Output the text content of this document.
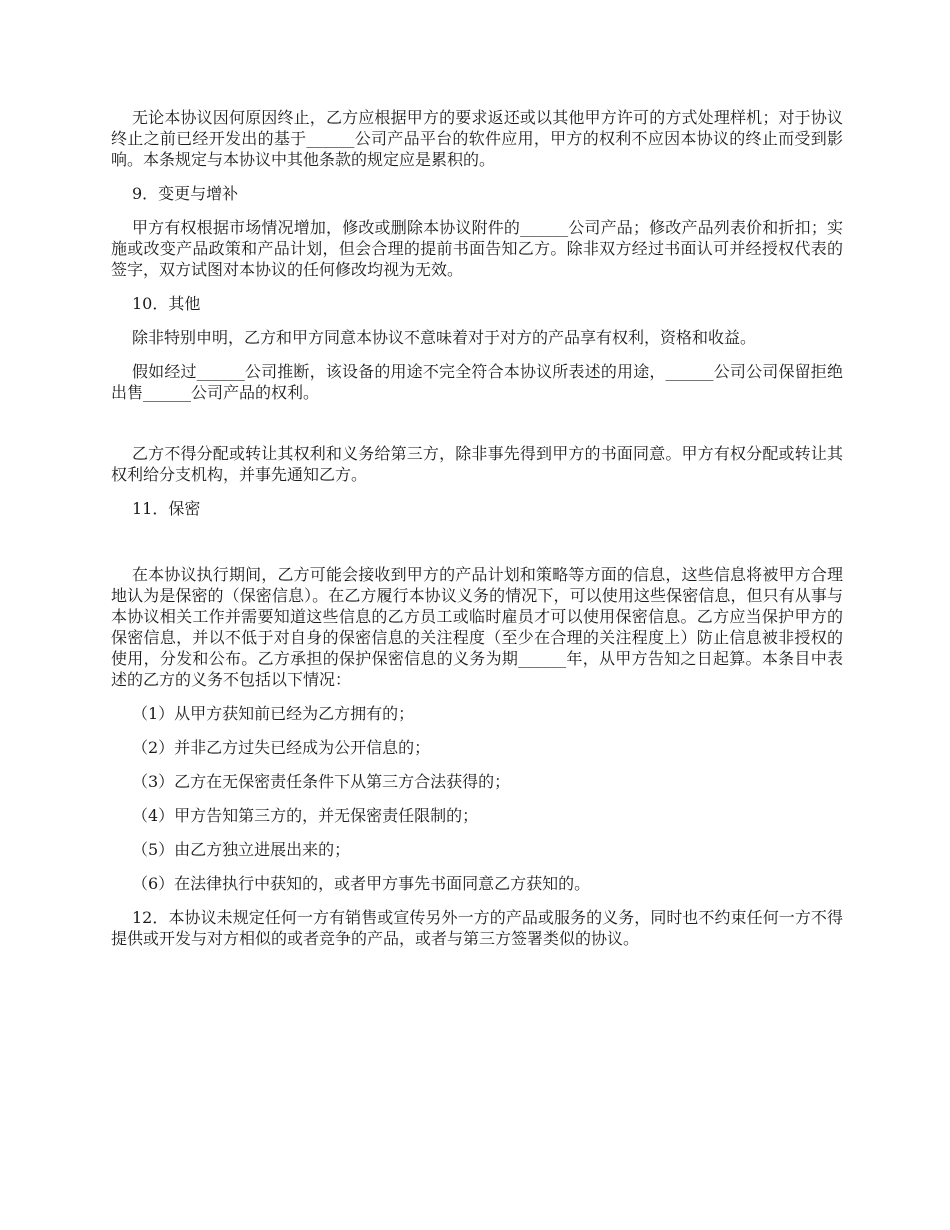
无论本协议因何原因终止，乙方应根据甲方的要求返还或以其他甲方许可的方式处理样机；对于协议终止之前已经开发出的基于______公司产品平台的软件应用，甲方的权利不应因本协议的终止而受到影响。本条规定与本协议中其他条款的规定应是累积的。

9．变更与增补

甲方有权根据市场情况增加，修改或删除本协议附件的______公司产品；修改产品列表价和折扣；实施或改变产品政策和产品计划，但会合理的提前书面告知乙方。除非双方经过书面认可并经授权代表的签字，双方试图对本协议的任何修改均视为无效。

10．其他

除非特别申明，乙方和甲方同意本协议不意味着对于对方的产品享有权利，资格和收益。

假如经过______公司推断，该设备的用途不完全符合本协议所表述的用途，______公司公司保留拒绝出售______公司产品的权利。

乙方不得分配或转让其权利和义务给第三方，除非事先得到甲方的书面同意。甲方有权分配或转让其权利给分支机构，并事先通知乙方。

11．保密

在本协议执行期间，乙方可能会接收到甲方的产品计划和策略等方面的信息，这些信息将被甲方合理地认为是保密的（保密信息）。在乙方履行本协议义务的情况下，可以使用这些保密信息，但只有从事与本协议相关工作并需要知道这些信息的乙方员工或临时雇员才可以使用保密信息。乙方应当保护甲方的保密信息，并以不低于对自身的保密信息的关注程度（至少在合理的关注程度上）防止信息被非授权的使用，分发和公布。乙方承担的保护保密信息的义务为期______年，从甲方告知之日起算。本条目中表述的乙方的义务不包括以下情况：

（1）从甲方获知前已经为乙方拥有的；

（2）并非乙方过失已经成为公开信息的；

（3）乙方在无保密责任条件下从第三方合法获得的；

（4）甲方告知第三方的，并无保密责任限制的；

（5）由乙方独立进展出来的；

（6）在法律执行中获知的，或者甲方事先书面同意乙方获知的。

12．本协议未规定任何一方有销售或宣传另外一方的产品或服务的义务，同时也不约束任何一方不得提供或开发与对方相似的或者竞争的产品，或者与第三方签署类似的协议。
